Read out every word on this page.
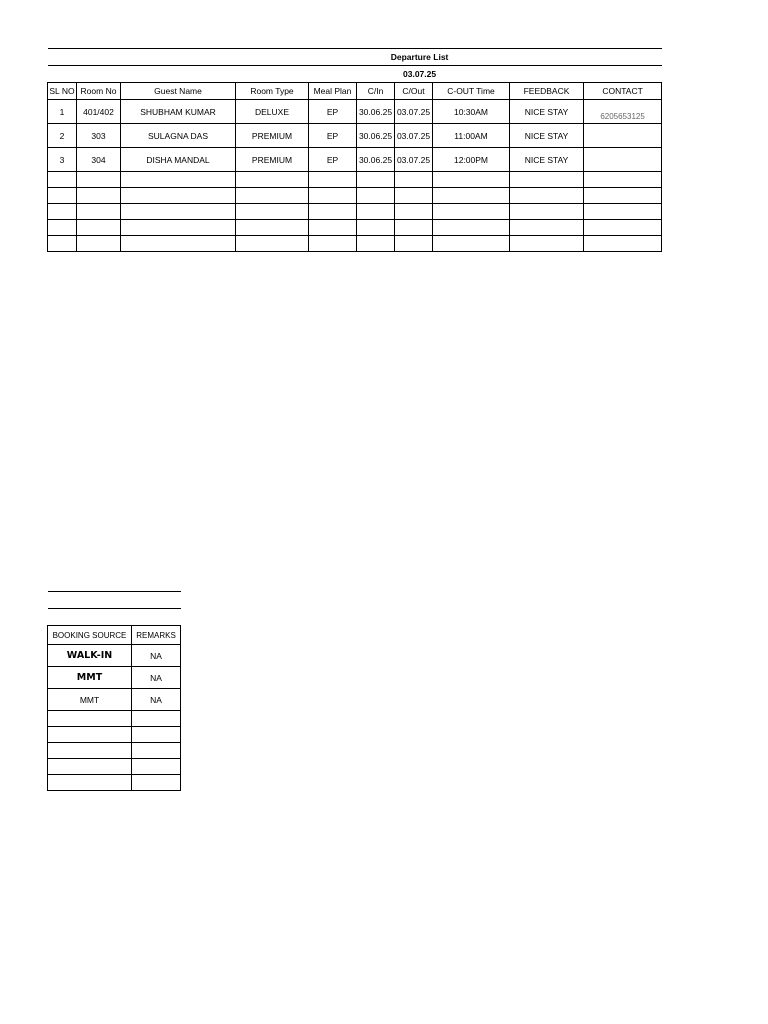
Departure List									
03.07.25									
SL NO	Room No	Guest Name	Room Type	Meal Plan	C/In	C/Out	C-OUT Time	FEEDBACK	CONTACT
1	401/402	SHUBHAM KUMAR	DELUXE	EP	30.06.25	03.07.25	10:30AM	NICE STAY	6205653125
2	303	SULAGNA DAS	PREMIUM	EP	30.06.25	03.07.25	11:00AM	NICE STAY	
3	304	DISHA MANDAL	PREMIUM	EP	30.06.25	03.07.25	12:00PM	NICE STAY	

BOOKING SOURCE	REMARKS
WALK-IN	NA
MMT	NA
MMT	NA
